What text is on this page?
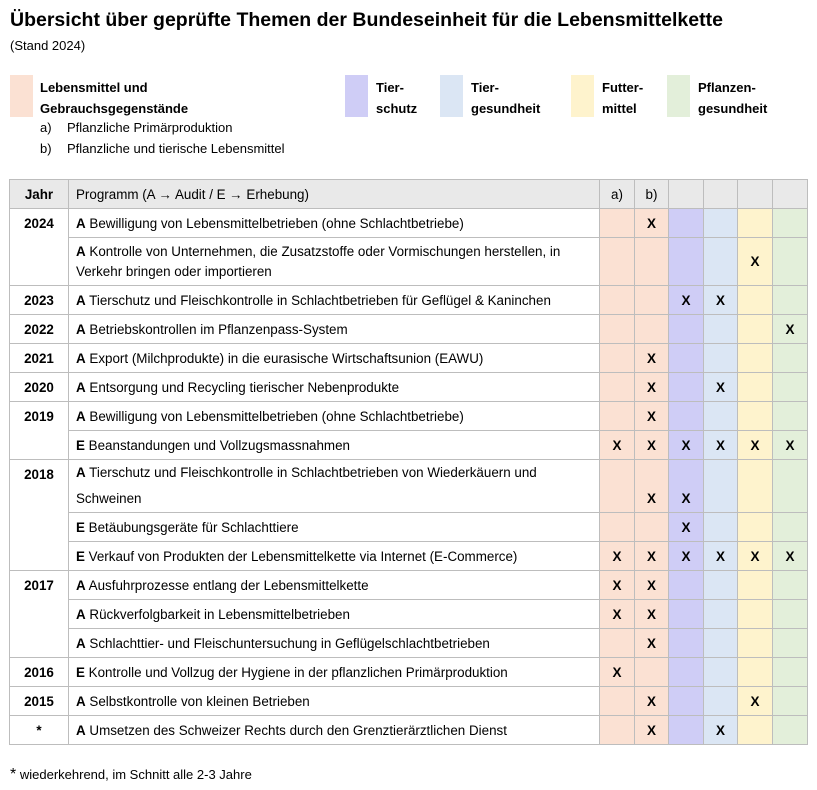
Übersicht über geprüfte Themen der Bundeseinheit für die Lebensmittelkette
(Stand 2024)
Lebensmittel und
Gebrauchsgegenstände
Tier-
schutz
Tier-
gesundheit
Futter-
mittel
Pflanzen-
gesundheit
a) Pflanzliche Primärproduktion
b) Pflanzliche und tierische Lebensmittel
Jahr	Programm (A → Audit / E → Erhebung)	a)	b)				
2024	A Bewilligung von Lebensmittelbetrieben (ohne Schlachtbetriebe)		X				
	A Kontrolle von Unternehmen, die Zusatzstoffe oder Vormischungen herstellen, in Verkehr bringen oder importieren					X	
2023	A Tierschutz und Fleischkontrolle in Schlachtbetrieben für Geflügel & Kaninchen			X	X		
2022	A Betriebskontrollen im Pflanzenpass-System						X
2021	A Export (Milchprodukte) in die eurasische Wirtschaftsunion (EAWU)		X				
2020	A Entsorgung und Recycling tierischer Nebenprodukte		X		X		
2019	A Bewilligung von Lebensmittelbetrieben (ohne Schlachtbetriebe)		X				
	E Beanstandungen und Vollzugsmassnahmen	X	X	X	X	X	X
2018	A Tierschutz und Fleischkontrolle in Schlachtbetrieben von Wiederkäuern und Schweinen		X	X			
	E Betäubungsgeräte für Schlachttiere			X			
	E Verkauf von Produkten der Lebensmittelkette via Internet (E-Commerce)	X	X	X	X	X	X
2017	A Ausfuhrprozesse entlang der Lebensmittelkette	X	X				
	A Rückverfolgbarkeit in Lebensmittelbetrieben	X	X				
	A Schlachttier- und Fleischuntersuchung in Geflügelschlachtbetrieben		X				
2016	E Kontrolle und Vollzug der Hygiene in der pflanzlichen Primärproduktion	X					
2015	A Selbstkontrolle von kleinen Betrieben		X			X	
*	A Umsetzen des Schweizer Rechts durch den Grenztierärztlichen Dienst		X		X		
* wiederkehrend, im Schnitt alle 2-3 Jahre
